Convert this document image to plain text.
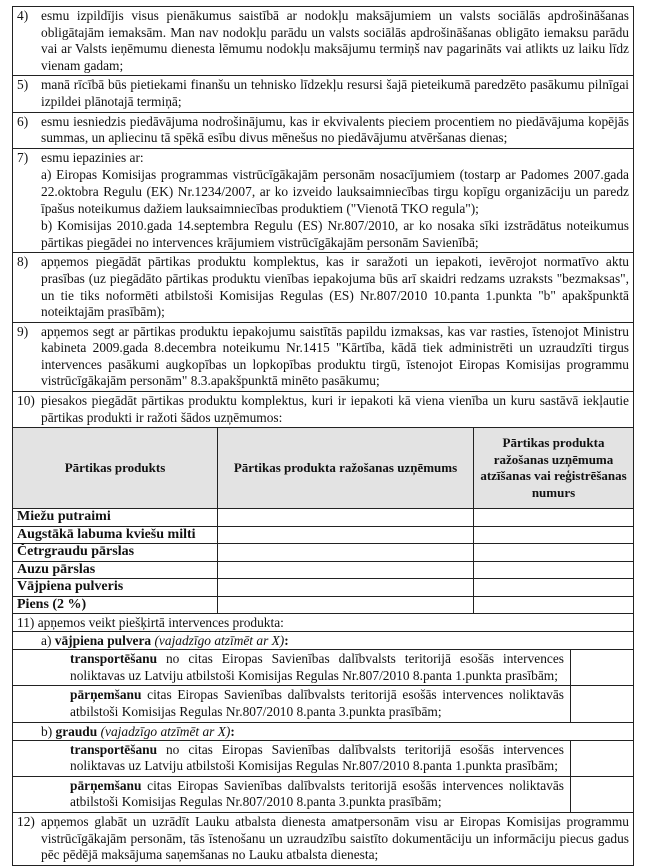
4) esmu izpildījis visus pienākumus saistībā ar nodokļu maksājumiem un valsts sociālās apdrošināšanas obligātajām iemaksām. Man nav nodokļu parādu un valsts sociālās apdrošināšanas obligāto iemaksu parādu vai ar Valsts ieņēmumu dienesta lēmumu nodokļu maksājumu termiņš nav pagarināts vai atlikts uz laiku līdz vienam gadam;
5) manā rīcībā būs pietiekami finanšu un tehnisko līdzekļu resursi šajā pieteikumā paredzēto pasākumu pilnīgai izpildei plānotajā termiņā;
6) esmu iesniedzis piedāvājuma nodrošinājumu, kas ir ekvivalents pieciem procentiem no piedāvājuma kopējās summas, un apliecinu tā spēkā esību divus mēnešus no piedāvājumu atvēršanas dienas;
7) esmu iepazinies ar:
a) Eiropas Komisijas programmas vistrūcīgākajām personām nosacījumiem (tostarp ar Padomes 2007.gada 22.oktobra Regulu (EK) Nr.1234/2007, ar ko izveido lauksaimniecības tirgu kopīgu organizāciju un paredz īpašus noteikumus dažiem lauksaimniecības produktiem ("Vienotā TKO regula");
b) Komisijas 2010.gada 14.septembra Regulu (ES) Nr.807/2010, ar ko nosaka sīki izstrādātus noteikumus pārtikas piegādei no intervences krājumiem vistrūcīgākajām personām Savienībā;
8) apņemos piegādāt pārtikas produktu komplektus, kas ir saražoti un iepakoti, ievērojot normatīvo aktu prasības (uz piegādāto pārtikas produktu vienības iepakojuma būs arī skaidri redzams uzraksts "bezmaksas", un tie tiks noformēti atbilstoši Komisijas Regulas (ES) Nr.807/2010 10.panta 1.punkta "b" apakšpunktā noteiktajām prasībām);
9) apņemos segt ar pārtikas produktu iepakojumu saistītās papildu izmaksas, kas var rasties, īstenojot Ministru kabineta 2009.gada 8.decembra noteikumu Nr.1415 "Kārtība, kādā tiek administrēti un uzraudzīti tirgus intervences pasākumi augkopības un lopkopības produktu tirgū, īstenojot Eiropas Komisijas programmu vistrūcīgākajām personām" 8.3.apakšpunktā minēto pasākumu;
10) piesakos piegādāt pārtikas produktu komplektus, kuri ir iepakoti kā viena vienība un kuru sastāvā iekļautie pārtikas produkti ir ražoti šādos uzņēmumos:
Pārtikas produkts	Pārtikas produkta ražošanas uzņēmums
Pārtikas produkta ražošanas uzņēmuma atzīšanas vai reģistrēšanas numurs
Miežu putraimi
Augstākā labuma kviešu milti
Četrgraudu pārslas
Auzu pārslas
Vājpiena pulveris
Piens (2 %)
11) apņemos veikt piešķirtā intervences produkta:
a) vājpiena pulvera (vajadzīgo atzīmēt ar X):
transportēšanu no citas Eiropas Savienības dalībvalsts teritorijā esošās intervences noliktavas uz Latviju atbilstoši Komisijas Regulas Nr.807/2010 8.panta 1.punkta prasībām;
pārņemšanu citas Eiropas Savienības dalībvalsts teritorijā esošās intervences noliktavās atbilstoši Komisijas Regulas Nr.807/2010 8.panta 3.punkta prasībām;
b) graudu (vajadzīgo atzīmēt ar X):
transportēšanu no citas Eiropas Savienības dalībvalsts teritorijā esošās intervences noliktavas uz Latviju atbilstoši Komisijas Regulas Nr.807/2010 8.panta 1.punkta prasībām;
pārņemšanu citas Eiropas Savienības dalībvalsts teritorijā esošās intervences noliktavās atbilstoši Komisijas Regulas Nr.807/2010 8.panta 3.punkta prasībām;
12) apņemos glabāt un uzrādīt Lauku atbalsta dienesta amatpersonām visu ar Eiropas Komisijas programmu vistrūcīgākajām personām, tās īstenošanu un uzraudzību saistīto dokumentāciju un informāciju piecus gadus pēc pēdējā maksājuma saņemšanas no Lauku atbalsta dienesta;
